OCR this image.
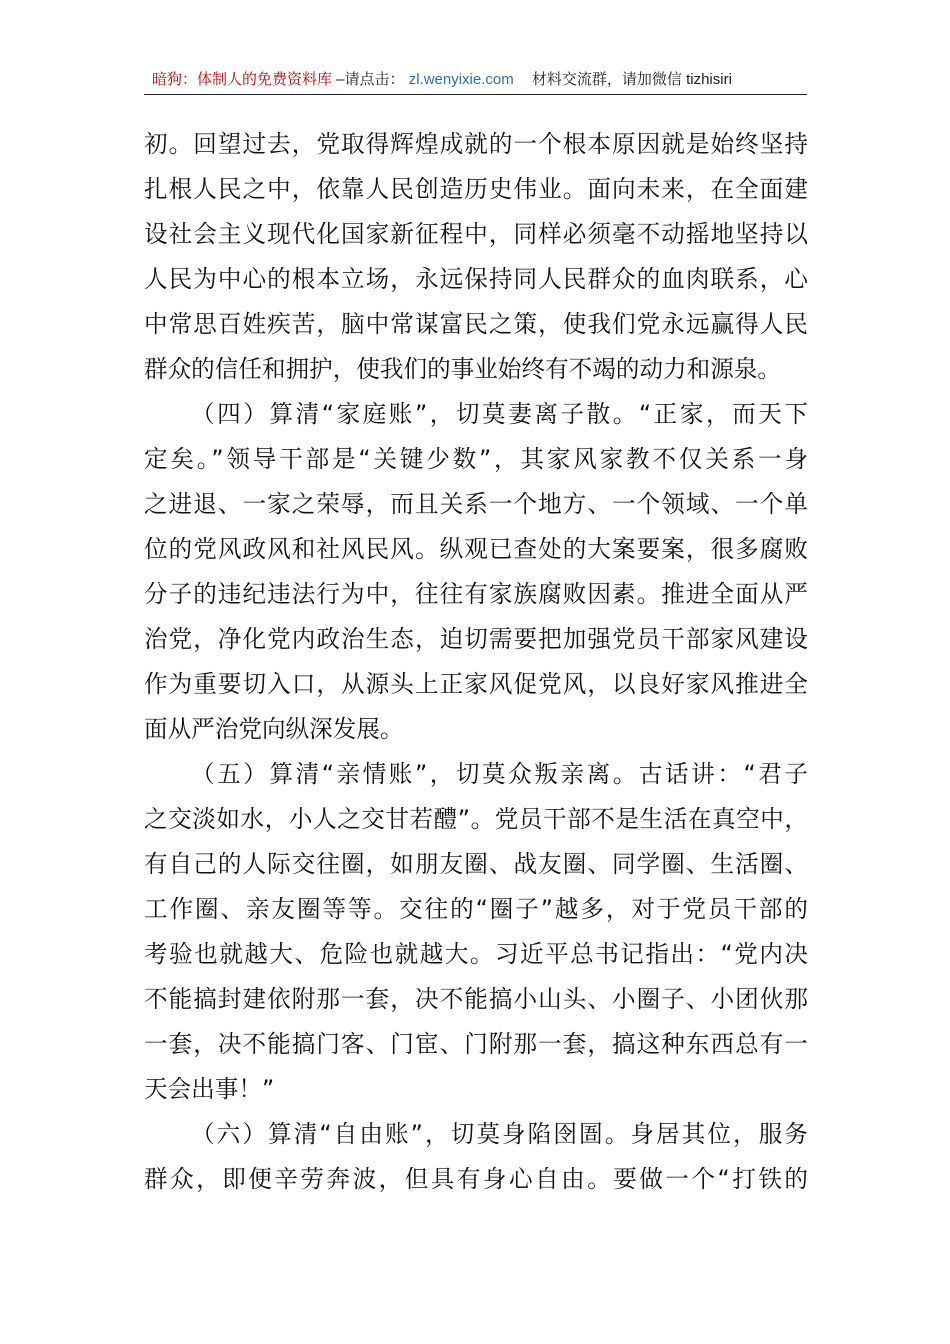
暗狗：体制人的免费资料库 –请点击： zl.wenyixie.com 材料交流群，请加微信 tizhisiri
初。回望过去，党取得辉煌成就的一个根本原因就是始终坚持
扎根人民之中，依靠人民创造历史伟业。面向未来，在全面建
设社会主义现代化国家新征程中，同样必须毫不动摇地坚持以
人民为中心的根本立场，永远保持同人民群众的血肉联系，心
中常思百姓疾苦，脑中常谋富民之策，使我们党永远赢得人民
群众的信任和拥护，使我们的事业始终有不竭的动力和源泉。
（四）算清“家庭账”，切莫妻离子散。“正家，而天下
定矣。”领导干部是“关键少数”，其家风家教不仅关系一身
之进退、一家之荣辱，而且关系一个地方、一个领域、一个单
位的党风政风和社风民风。纵观已查处的大案要案，很多腐败
分子的违纪违法行为中，往往有家族腐败因素。推进全面从严
治党，净化党内政治生态，迫切需要把加强党员干部家风建设
作为重要切入口，从源头上正家风促党风，以良好家风推进全
面从严治党向纵深发展。
（五）算清“亲情账”，切莫众叛亲离。古话讲：“君子
之交淡如水，小人之交甘若醴”。党员干部不是生活在真空中，
有自己的人际交往圈，如朋友圈、战友圈、同学圈、生活圈、
工作圈、亲友圈等等。交往的“圈子”越多，对于党员干部的
考验也就越大、危险也就越大。习近平总书记指出：“党内决
不能搞封建依附那一套，决不能搞小山头、小圈子、小团伙那
一套，决不能搞门客、门宦、门附那一套，搞这种东西总有一
天会出事！”
（六）算清“自由账”，切莫身陷囹圄。身居其位，服务
群众，即便辛劳奔波，但具有身心自由。要做一个“打铁的
